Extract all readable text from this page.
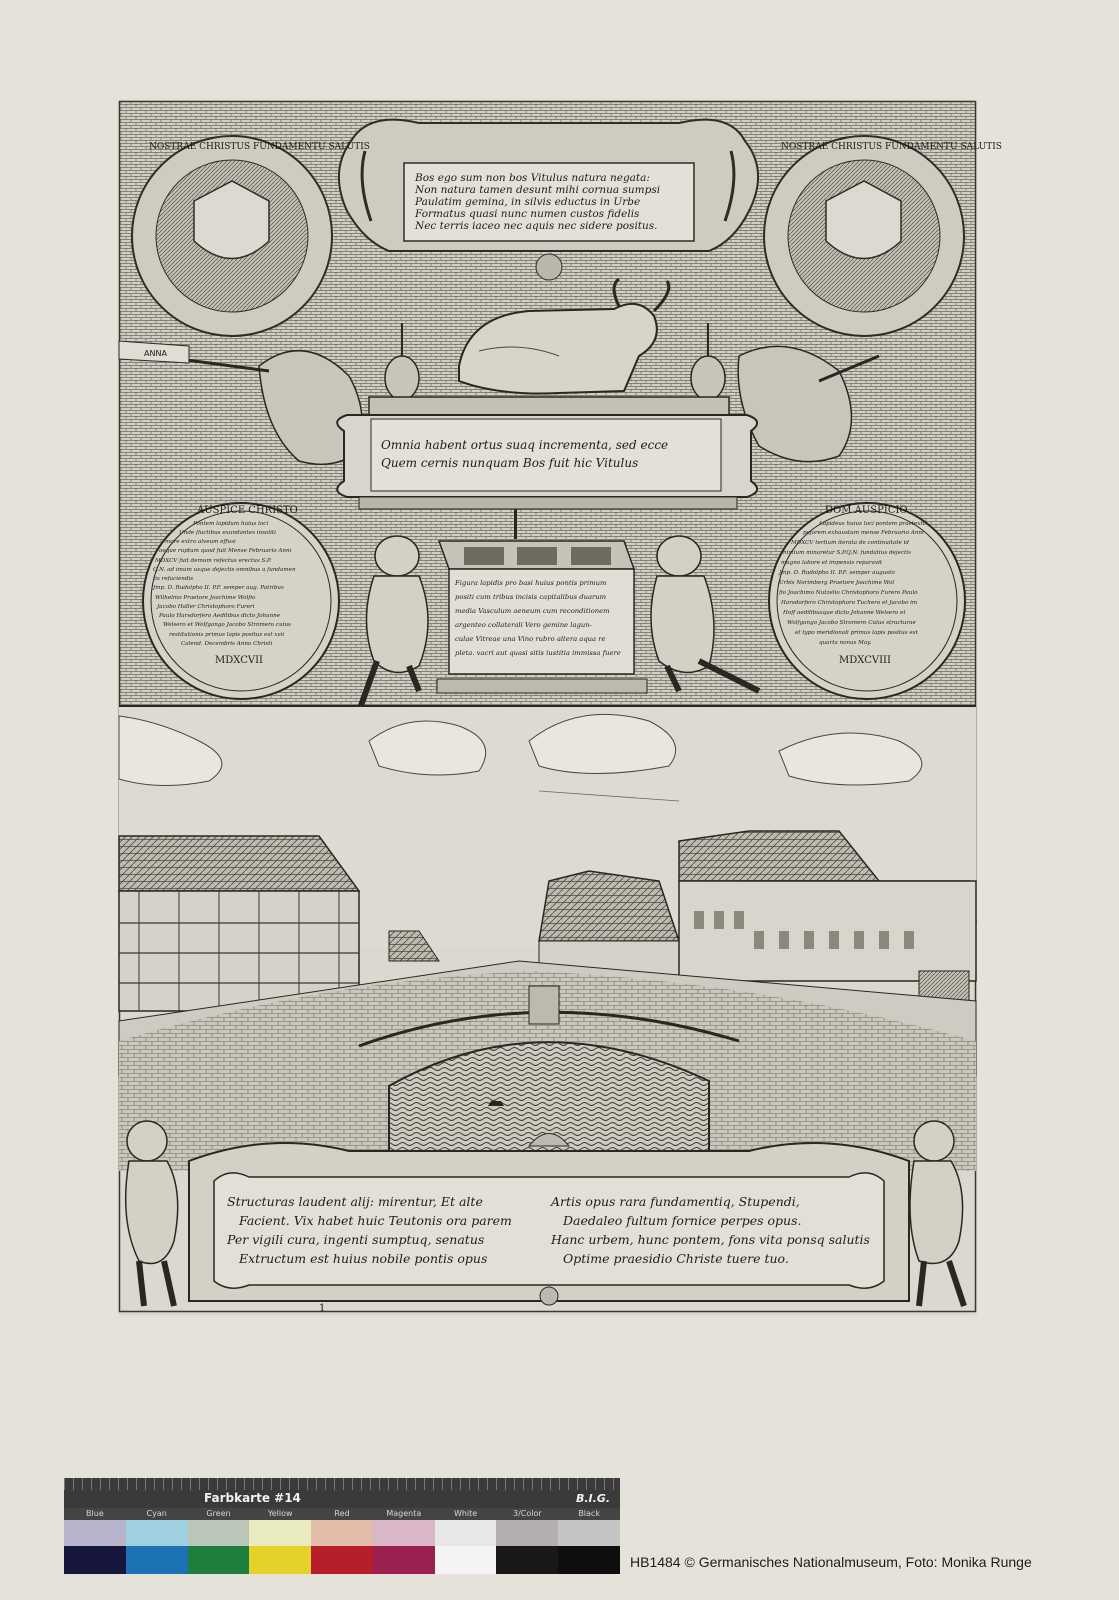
Bos ego sum non bos Vitulus natura negata:
Non natura tamen desunt mihi cornua sumpsi
Paulatim gemina, in silvis eductus in Urbe
Formatus quasi nunc numen custos fidelis
Nec terris iaceo nec aquis nec sidere positus.
NOSTRAE CHRISTUS FUNDAMENTU SALUTIS	NOSTRAE CHRISTUS FUNDAMENTU SALUTIS
ANNA
Omnia habent ortus suaq incrementa, sed ecce
Quem cernis nunquam Bos fuit hic Vitulus
AUSPICE CHRISTO
Pontem lapidum huius loci
Unde fluctibus exundantes insoliti
more extra alveum effusi
aeque ruptum quod fuit Mense Februario Anni
MDXCV fuit demum refectus erectus S.P.
Q.N. ad imum usque dejectis omnibus a fundamen
tis refaciendis
Jmp. D. Rudolpho II. P.F. semper aug. Patribus
Wilhelmo Praetore Joachime Wolfio
Jacobo Haller Christophoro Fureri
Paulo Harsdorfero Aedilibus dicto Johanne
Welsero et Wolfgango Jacobo Stromero cuius
restitutionis primus lapis positus est xvii
Calend. Decembris Anno Christi
MDXCVII
DOM AUSPICIO
Lapideus huius loci pontem praetextis
pejorem exhaustum mense Februario Anni
MDXCV tertium iterata de continuitate id
nimium minaretur S.P.Q.N. fundatius dejectis
magno labore et impensis reparavit
Jmp. D. Rudolpho II. P.F. semper augusto
Urbis Norimberg Praetore Joachime Wol
fio Joachimo Nutzelio Christophoro Furero Paulo
Harsdorfero Christophoro Tuchero et Jacobo im
Hoff aedilibusque dicto Johanne Welsero et
Wolfgango Jacobo Stromero Cuius structurae
et typo meridionali primus lapis positus est
quarta nonas May.
MDXCVIII
Figura lapidis pro basi huius pontis primum
positi cum tribus incisis capitalibus duarum
media Vasculum aeneum cum reconditionem
argenteo collaterali Vero gemine lagun-
culae Vitreae una Vino rubro altera aqua re
pleta. vacri aut quasi sitis iustitia immissa fuere
Structuras laudent alij: mirentur, Et alte
Facient. Vix habet huic Teutonis ora parem
Per vigili cura, ingenti sumptuq, senatus
Extructum est huius nobile pontis opus
Artis opus rara fundamentiq, Stupendi,
Daedaleo fultum fornice perpes opus.
Hanc urbem, hunc pontem, fons vita ponsq salutis
Optime praesidio Christe tuere tuo.
1
Farbkarte #14	B.I.G.
Blue	Cyan	Green	Yellow	Red	Magenta	White	3/Color	Black
HB1484 © Germanisches Nationalmuseum, Foto: Monika Runge
